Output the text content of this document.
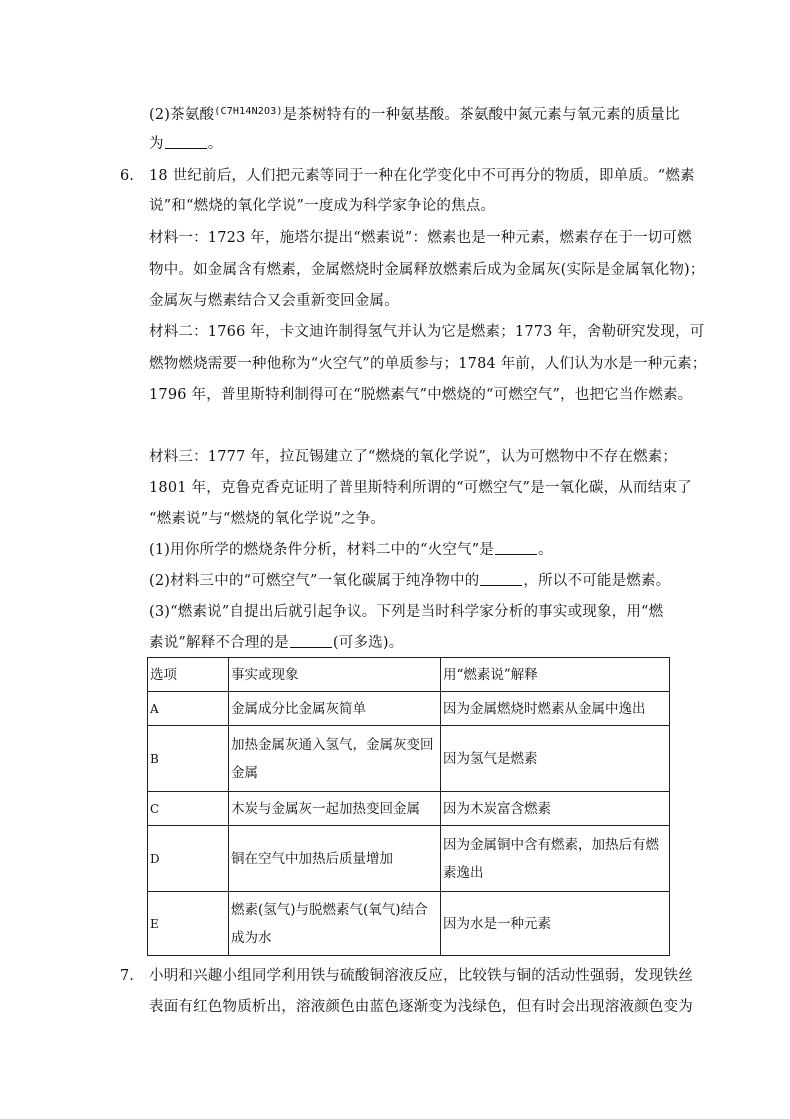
(2)茶氨酸(C7H14N2O3)是茶树特有的一种氨基酸。茶氨酸中氮元素与氧元素的质量比
为	。
6. 18 世纪前后，人们把元素等同于一种在化学变化中不可再分的物质，即单质。“燃素
说”和“燃烧的氧化学说”一度成为科学家争论的焦点。
材料一：1723 年，施塔尔提出“燃素说”：燃素也是一种元素，燃素存在于一切可燃
物中。如金属含有燃素，金属燃烧时金属释放燃素后成为金属灰(实际是金属氧化物)；
金属灰与燃素结合又会重新变回金属。
材料二：1766 年，卡文迪许制得氢气并认为它是燃素；1773 年，舍勒研究发现，可
燃物燃烧需要一种他称为“火空气”的单质参与；1784 年前，人们认为水是一种元素；
1796 年，普里斯特利制得可在“脱燃素气”中燃烧的“可燃空气”，也把它当作燃素。
材料三：1777 年，拉瓦锡建立了“燃烧的氧化学说”，认为可燃物中不存在燃素；
1801 年，克鲁克香克证明了普里斯特利所谓的“可燃空气”是一氧化碳，从而结束了
“燃素说”与“燃烧的氧化学说”之争。
(1)用你所学的燃烧条件分析，材料二中的“火空气”是	。
(2)材料三中的“可燃空气”一氧化碳属于纯净物中的	，所以不可能是燃素。
(3)“燃素说”自提出后就引起争议。下列是当时科学家分析的事实或现象，用“燃
素说”解释不合理的是	(可多选)。
选项	事实或现象	用“燃素说”解释
A	金属成分比金属灰简单	因为金属燃烧时燃素从金属中逸出
B	加热金属灰通入氢气，金属灰变回
金属	因为氢气是燃素
C	木炭与金属灰一起加热变回金属	因为木炭富含燃素
D	铜在空气中加热后质量增加	因为金属铜中含有燃素，加热后有燃
素逸出

E	燃素(氢气)与脱燃素气(氧气)结合
成为水	因为水是一种元素
7. 小明和兴趣小组同学利用铁与硫酸铜溶液反应，比较铁与铜的活动性强弱，发现铁丝
表面有红色物质析出，溶液颜色由蓝色逐渐变为浅绿色，但有时会出现溶液颜色变为
